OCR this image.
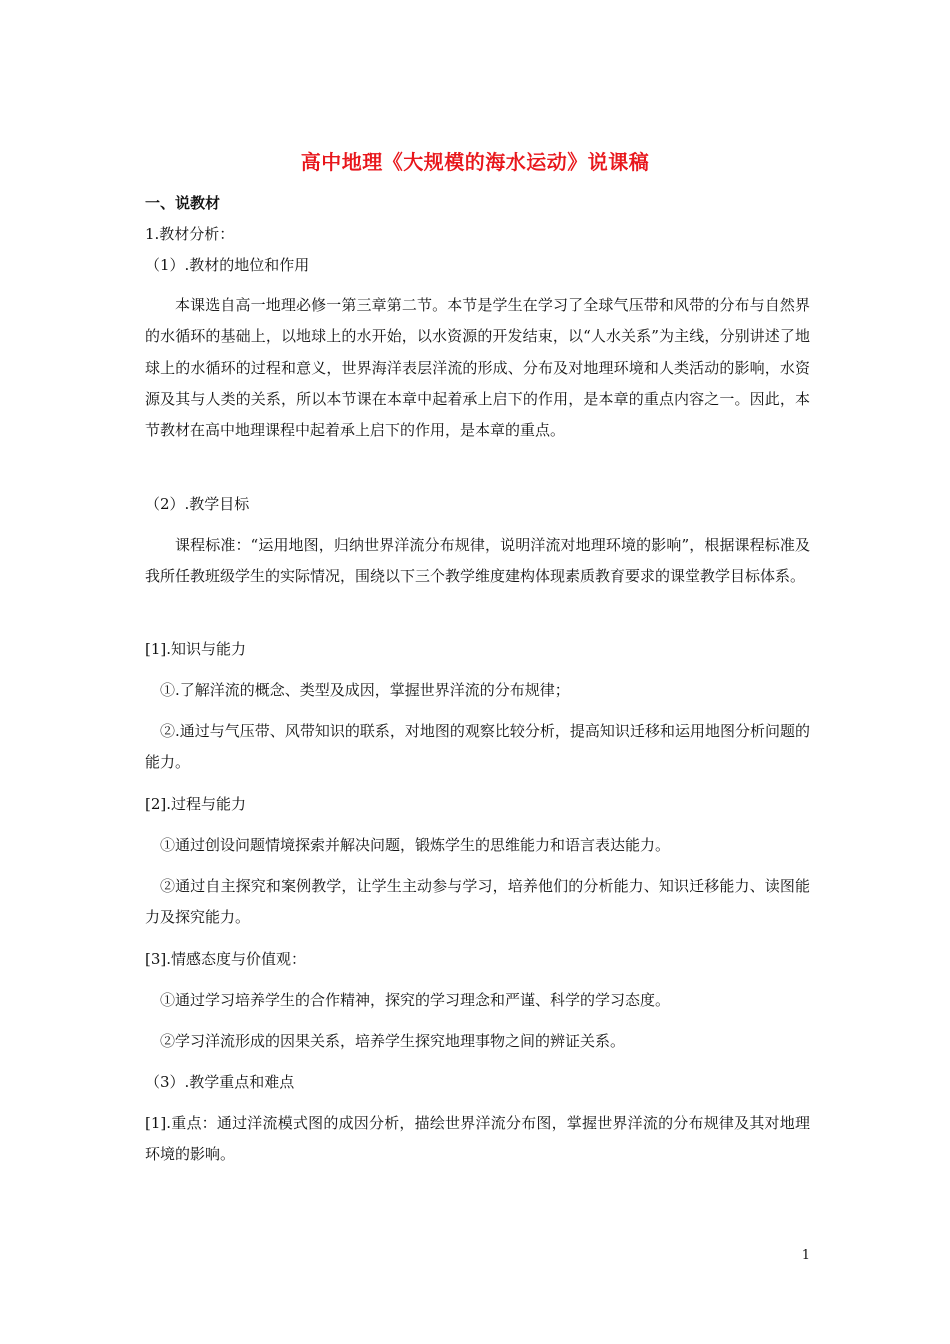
高中地理《大规模的海水运动》说课稿
一、说教材
1.教材分析：
（1）.教材的地位和作用
本课选自高一地理必修一第三章第二节。本节是学生在学习了全球气压带和风带的分布与自然界的水循环的基础上，以地球上的水开始，以水资源的开发结束，以“人水关系”为主线，分别讲述了地球上的水循环的过程和意义，世界海洋表层洋流的形成、分布及对地理环境和人类活动的影响，水资源及其与人类的关系，所以本节课在本章中起着承上启下的作用，是本章的重点内容之一。因此，本节教材在高中地理课程中起着承上启下的作用，是本章的重点。
（2）.教学目标
课程标准：“运用地图，归纳世界洋流分布规律，说明洋流对地理环境的影响”，根据课程标准及我所任教班级学生的实际情况，围绕以下三个教学维度建构体现素质教育要求的课堂教学目标体系。
[1].知识与能力
①.了解洋流的概念、类型及成因，掌握世界洋流的分布规律；
②.通过与气压带、风带知识的联系，对地图的观察比较分析，提高知识迁移和运用地图分析问题的能力。
[2].过程与能力
①通过创设问题情境探索并解决问题，锻炼学生的思维能力和语言表达能力。
②通过自主探究和案例教学，让学生主动参与学习，培养他们的分析能力、知识迁移能力、读图能力及探究能力。
[3].情感态度与价值观：
①通过学习培养学生的合作精神，探究的学习理念和严谨、科学的学习态度。
②学习洋流形成的因果关系，培养学生探究地理事物之间的辨证关系。
（3）.教学重点和难点
[1].重点：通过洋流模式图的成因分析，描绘世界洋流分布图，掌握世界洋流的分布规律及其对地理环境的影响。
1
